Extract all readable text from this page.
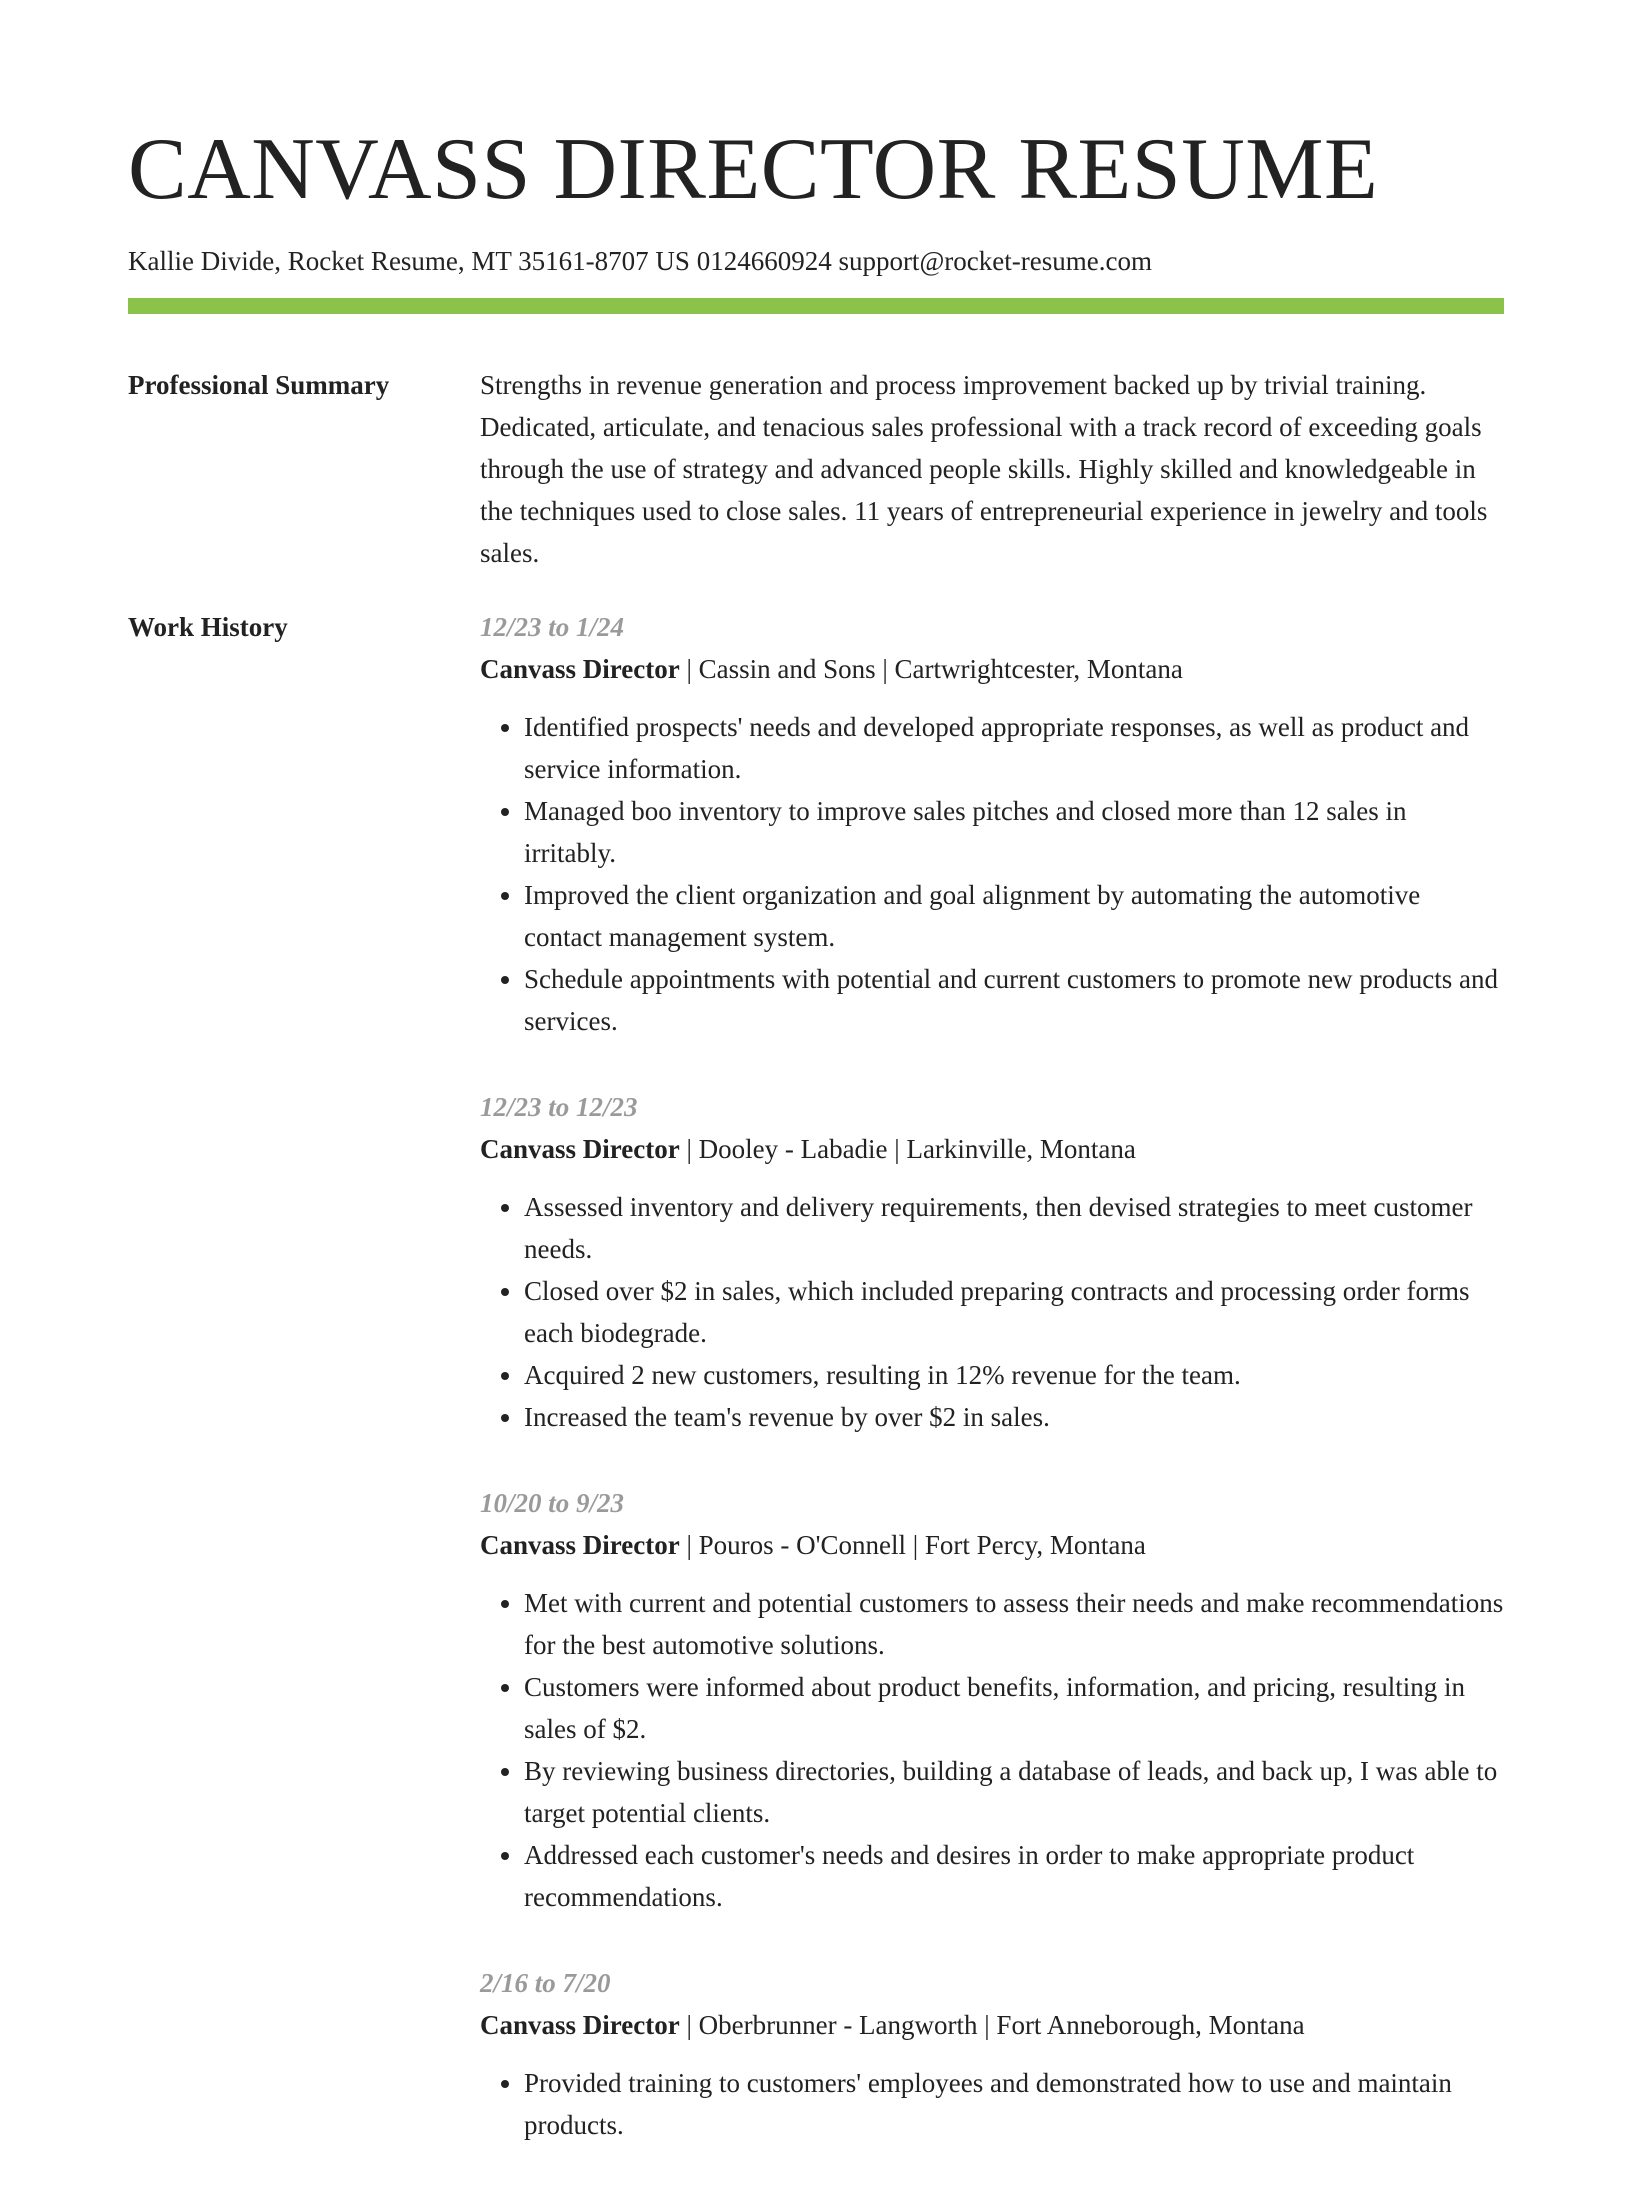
CANVASS DIRECTOR RESUME
Kallie Divide, Rocket Resume, MT 35161-8707 US 0124660924 support@rocket-resume.com
Professional Summary	Strengths in revenue generation and process improvement backed up by trivial training. Dedicated, articulate, and tenacious sales professional with a track record of exceeding goals through the use of strategy and advanced people skills. Highly skilled and knowledgeable in the techniques used to close sales. 11 years of entrepreneurial experience in jewelry and tools sales.

Work History	12/23 to 1/24
Canvass Director | Cassin and Sons | Cartwrightcester, Montana
• Identified prospects' needs and developed appropriate responses, as well as product and service information.
• Managed boo inventory to improve sales pitches and closed more than 12 sales in irritably.
• Improved the client organization and goal alignment by automating the automotive contact management system.
• Schedule appointments with potential and current customers to promote new products and services.
12/23 to 12/23
Canvass Director | Dooley - Labadie | Larkinville, Montana
• Assessed inventory and delivery requirements, then devised strategies to meet customer needs.
• Closed over $2 in sales, which included preparing contracts and processing order forms each biodegrade.
• Acquired 2 new customers, resulting in 12% revenue for the team.
• Increased the team's revenue by over $2 in sales.
10/20 to 9/23
Canvass Director | Pouros - O'Connell | Fort Percy, Montana
• Met with current and potential customers to assess their needs and make recommendations for the best automotive solutions.
• Customers were informed about product benefits, information, and pricing, resulting in sales of $2.
• By reviewing business directories, building a database of leads, and back up, I was able to target potential clients.
• Addressed each customer's needs and desires in order to make appropriate product recommendations.
2/16 to 7/20
Canvass Director | Oberbrunner - Langworth | Fort Anneborough, Montana
• Provided training to customers' employees and demonstrated how to use and maintain products.
